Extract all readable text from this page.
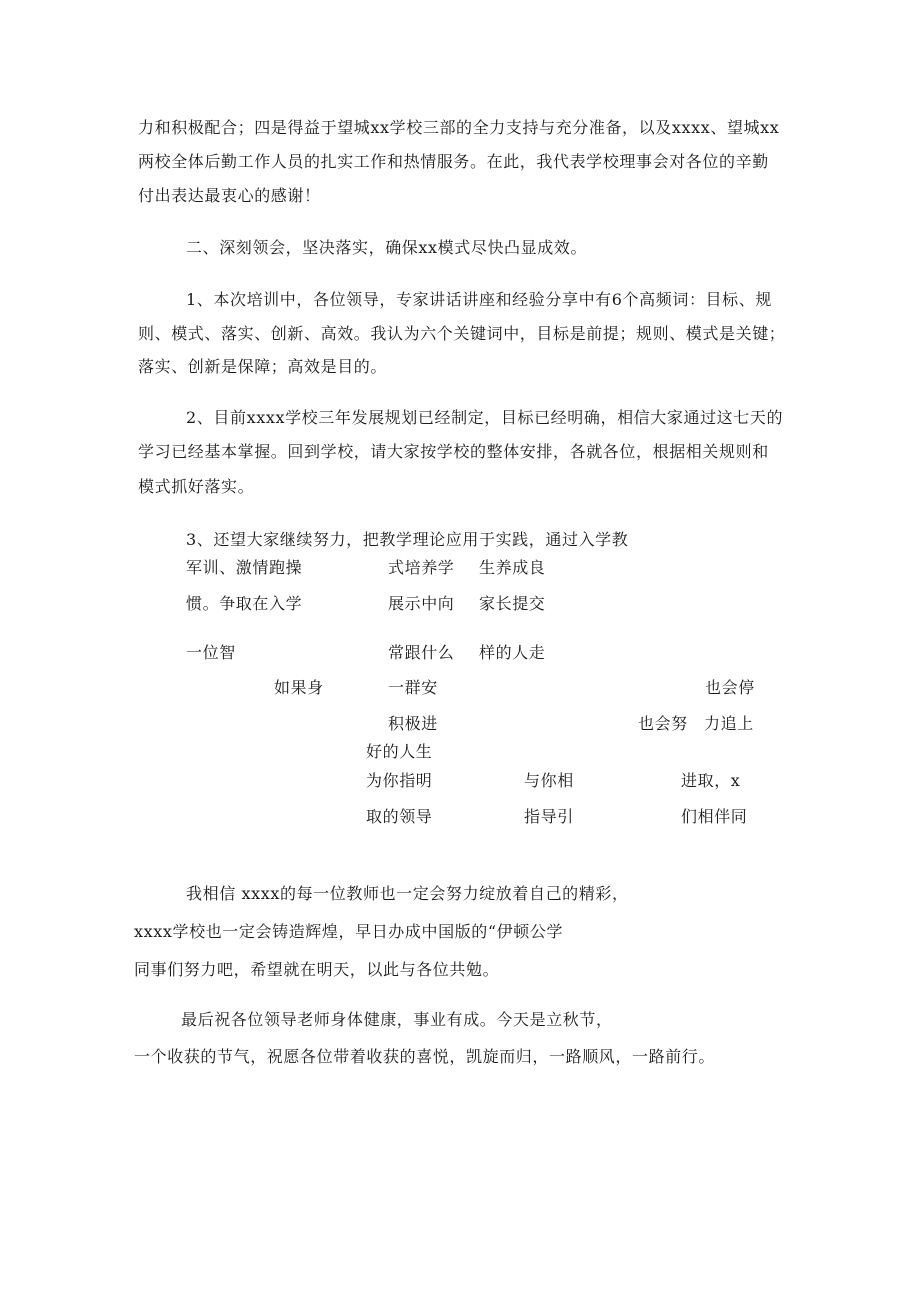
力和积极配合；四是得益于望城xx学校三部的全力支持与充分准备，以及xxxx、望城xx
两校全体后勤工作人员的扎实工作和热情服务。在此，我代表学校理事会对各位的辛勤
付出表达最衷心的感谢！
二、深刻领会，坚决落实，确保xx模式尽快凸显成效。
1、本次培训中，各位领导，专家讲话讲座和经验分享中有6个高频词：目标、规
则、模式、落实、创新、高效。我认为六个关键词中，目标是前提；规则、模式是关键；
落实、创新是保障；高效是目的。
2、目前xxxx学校三年发展规划已经制定，目标已经明确，相信大家通过这七天的
学习已经基本掌握。回到学校，请大家按学校的整体安排，各就各位，根据相关规则和
模式抓好落实。
3、还望大家继续努力，把教学理论应用于实践，通过入学教
军训、激情跑操	式培养学 生养成良
惯。争取在入学	展示中向 家长提交
一位智	常跟什么 样的人走
如果身	一群安	也会停
积极进	也会努 力追上
好的人生
为你指明	与你相	进取，x
取的领导	指导引	们相伴同
我相信 xxxx的每一位教师也一定会努力绽放着自己的精彩，
xxxx学校也一定会铸造辉煌，早日办成中国版的“伊顿公学
同事们努力吧，希望就在明天，以此与各位共勉。
最后祝各位领导老师身体健康，事业有成。今天是立秋节，
一个收获的节气，祝愿各位带着收获的喜悦，凯旋而归，一路顺风，一路前行。
